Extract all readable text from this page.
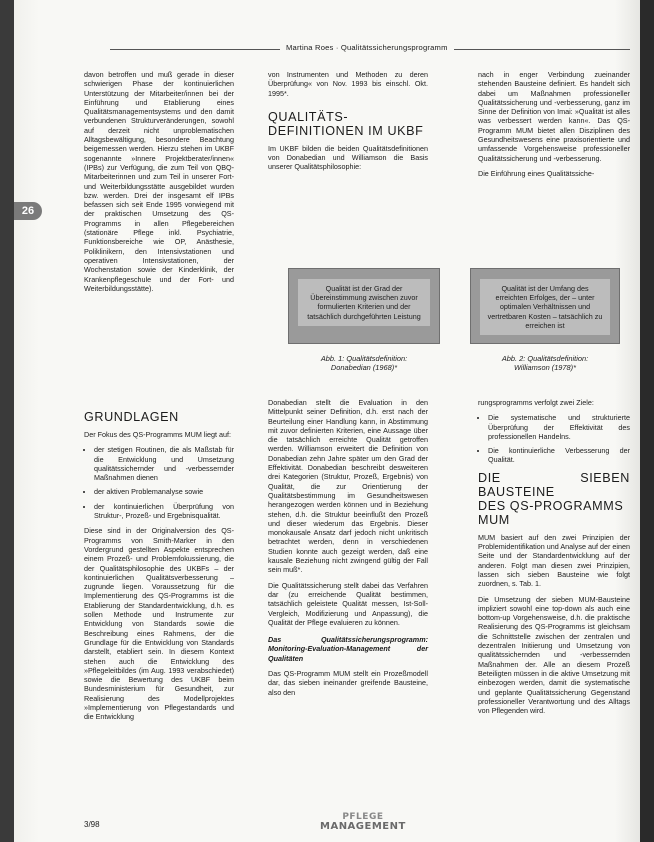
Martina Roes · Qualitätssicherungsprogramm
26

davon betroffen und muß gerade in dieser schwierigen Phase der kontinuierlichen Unterstützung der Mitarbeiter/innen bei der Einführung und Etablierung eines Qualitätsmanagementsystems und den damit verbundenen Strukturveränderungen, sowohl auf derzeit nicht unproblematischen Alltagsbewältigung, besondere Beachtung beigemessen werden. Hierzu stehen im UKBF sogenannte »Innere Projektberater/innen« (IPBs) zur Verfügung, die zum Teil von QBQ-Mitarbeiterinnen und zum Teil in unserer Fort- und Weiterbildungsstätte ausgebildet wurden bzw. werden. Drei der insgesamt elf IPBs befassen sich seit Ende 1995 vorwiegend mit der praktischen Umsetzung des QS-Programms in allen Pflegebereichen (stationäre Pflege inkl. Psychiatrie, Funktionsbereiche wie OP, Anästhesie, Poliklinikern, den Intensivstationen und operativen Intensivstationen, der Wochenstation sowie der Kinderklinik, der Krankenpflegeschule und der Fort- und Weiterbildungsstätte).

GRUNDLAGEN

Der Fokus des QS-Programms MUM liegt auf:

• der stetigen Routinen, die als Maßstab für die Entwicklung und Umsetzung qualitätssichernder und -verbessernder Maßnahmen dienen
• der aktiven Problemanalyse sowie
• der kontinuierlichen Überprüfung von Struktur-, Prozeß- und Ergebnisqualität.

Diese sind in der Originalversion des QS-Programms von Smith-Marker in den Vordergrund gestellten Aspekte entsprechen einem Prozeß- und Problemfokussierung, die der Qualitätsphilosophie des UKBFs – der kontinuierlichen Qualitätsverbesserung – zugrunde liegen. Voraussetzung für die Implementierung des QS-Programms ist die Etablierung der Standardentwicklung, d.h. es sollen Methode und Instrumente zur Entwicklung von Standards sowie die Beschreibung eines Rahmens, der die Grundlage für die Entwicklung von Standards darstellt, etabliert sein. In diesem Kontext stehen auch die Entwicklung des »Pflegeleitbildes (im Aug. 1993 verabschiedet) sowie die Bewertung des UKBF beim Bundesministerium für Gesundheit, zur Realisierung des Modellprojektes »Implementierung von Pflegestandards und die Entwicklung

von Instrumenten und Methoden zu deren Überprüfung« von Nov. 1993 bis einschl. Okt. 1995*.

QUALITÄTS-
DEFINITIONEN IM UKBF

Im UKBF bilden die beiden Qualitätsdefinitionen von Donabedian und Williamson die Basis unserer Qualitätsphilosophie:

Qualität ist der Grad der Übereinstimmung zwischen zuvor formulierten Kriterien und der tatsächlich durchgeführten Leistung
Qualität ist der Umfang des erreichten Erfolges, der – unter optimalen Verhältnissen und vertretbaren Kosten – tatsächlich zu erreichen ist
Abb. 1: Qualitätsdefinition:
Donabedian (1968)*
Abb. 2: Qualitätsdefinition:
Williamson (1978)*

Donabedian stellt die Evaluation in den Mittelpunkt seiner Definition, d.h. erst nach der Beurteilung einer Handlung kann, in Abstimmung mit zuvor definierten Kriterien, eine Aussage über die tatsächlich erreichte Qualität getroffen werden. Williamson erweitert die Definition von Donabedian zehn Jahre später um den Grad der Effektivität. Donabedian beschreibt desweiteren drei Kategorien (Struktur, Prozeß, Ergebnis) von Qualität, die zur Orientierung der Qualitätsbestimmung im Gesundheitswesen herangezogen werden können und in Beziehung stehen, d.h. die Struktur beeinflußt den Prozeß und dieser wiederum das Ergebnis. Dieser monokausale Ansatz darf jedoch nicht unkritisch betrachtet werden, denn in verschiedenen Studien konnte auch gezeigt werden, daß eine kausale Beziehung nicht zwingend gültig der Fall sein muß*.

Die Qualitätssicherung stellt dabei das Verfahren dar (zu erreichende Qualität bestimmen, tatsächlich geleistete Qualität messen, Ist-Soll-Vergleich, Modifizierung und Anpassung), die Qualität der Pflege evaluieren zu können.

Das Qualitätssicherungsprogramm: Monitoring-Evaluation-Management der Qualitäten

Das QS-Programm MUM stellt ein Prozeßmodell dar, das sieben ineinander greifende Bausteine, also den

nach in enger Verbindung zueinander stehenden Bausteine definiert. Es handelt sich dabei um Maßnahmen professioneller Qualitätssicherung und -verbesserung, ganz im Sinne der Definition von Imai: »Qualität ist alles was verbessert werden kann«. Das QS-Programm MUM bietet allen Disziplinen des Gesundheitswesens eine praxisorientierte und umfassende Vorgehensweise professioneller Qualitätssicherung und -verbesserung.

Die Einführung eines Qualitätssiche-

rungsprogramms verfolgt zwei Ziele:

• Die systematische und strukturierte Überprüfung der Effektivität des professionellen Handelns.
• Die kontinuierliche Verbesserung der Qualität.
DIE SIEBEN BAUSTEINE
DES QS-PROGRAMMS
MUM

MUM basiert auf den zwei Prinzipien der Problemidentifikation und Analyse auf der einen Seite und der Standardentwicklung auf der anderen. Folgt man diesen zwei Prinzipien, lassen sich sieben Bausteine wie folgt zuordnen, s. Tab. 1.

Die Umsetzung der sieben MUM-Bausteine impliziert sowohl eine top-down als auch eine bottom-up Vorgehensweise, d.h. die praktische Realisierung des QS-Programms ist gleichsam die Schnittstelle zwischen der zentralen und dezentralen Initiierung und Umsetzung von qualitätssichernden und -verbessernden Maßnahmen der. Alle an diesem Prozeß Beteiligten müssen in die aktive Umsetzung mit einbezogen werden, damit die systematische und geplante Qualitätssicherung Gegenstand professioneller Verantwortung und des Alltags von Pflegenden wird.

3/98
PFLEGE
MANAGEMENT
